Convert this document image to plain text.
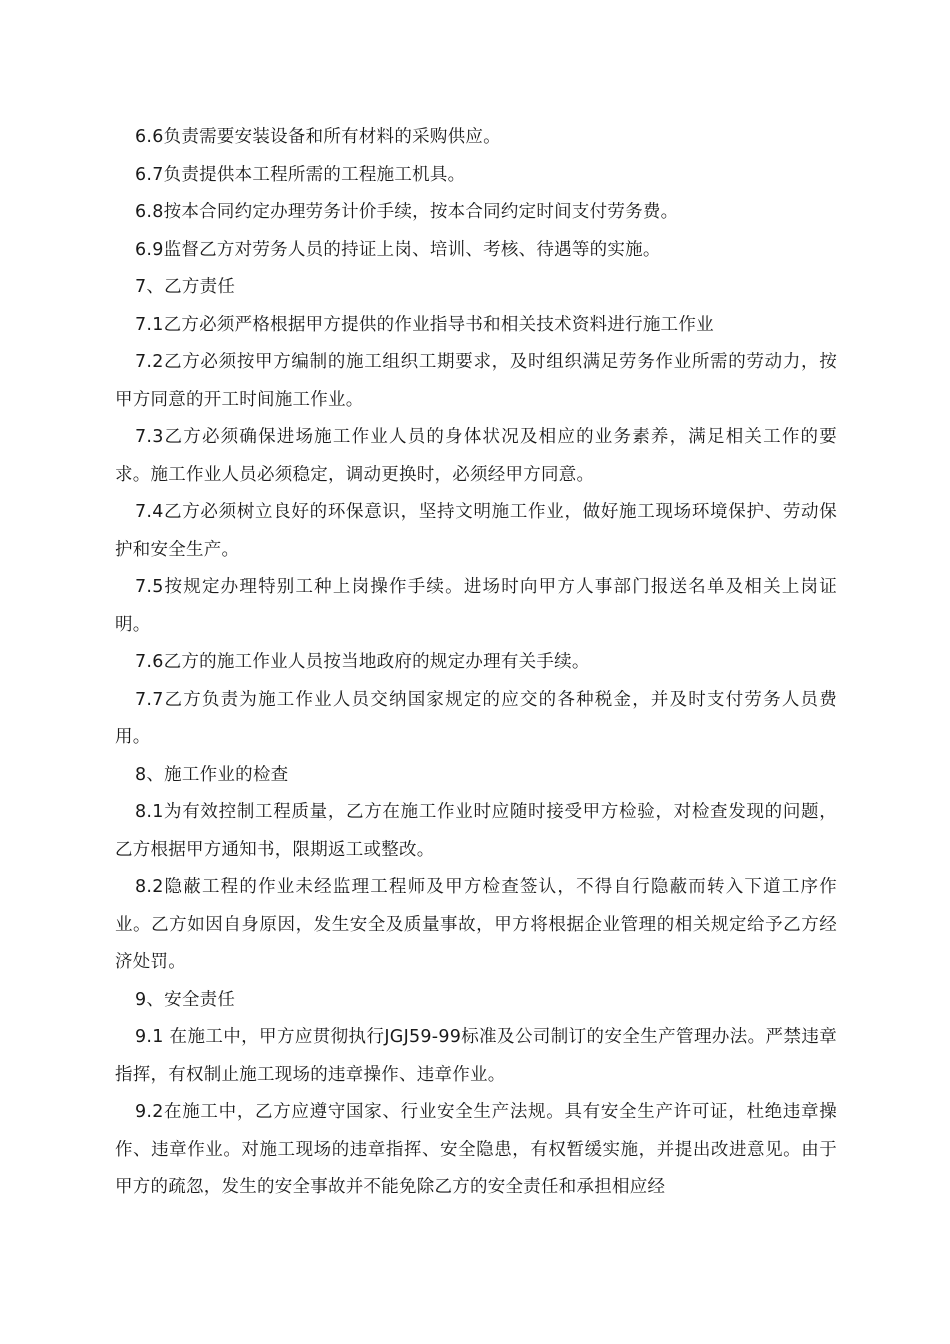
6.6负责需要安装设备和所有材料的采购供应。

6.7负责提供本工程所需的工程施工机具。

6.8按本合同约定办理劳务计价手续，按本合同约定时间支付劳务费。

6.9监督乙方对劳务人员的持证上岗、培训、考核、待遇等的实施。

7、乙方责任

7.1乙方必须严格根据甲方提供的作业指导书和相关技术资料进行施工作业

7.2乙方必须按甲方编制的施工组织工期要求，及时组织满足劳务作业所需的劳动力，按甲方同意的开工时间施工作业。

7.3乙方必须确保进场施工作业人员的身体状况及相应的业务素养，满足相关工作的要求。施工作业人员必须稳定，调动更换时，必须经甲方同意。

7.4乙方必须树立良好的环保意识，坚持文明施工作业，做好施工现场环境保护、劳动保护和安全生产。

7.5按规定办理特别工种上岗操作手续。进场时向甲方人事部门报送名单及相关上岗证明。

7.6乙方的施工作业人员按当地政府的规定办理有关手续。

7.7乙方负责为施工作业人员交纳国家规定的应交的各种税金，并及时支付劳务人员费用。

8、施工作业的检查

8.1为有效控制工程质量，乙方在施工作业时应随时接受甲方检验，对检查发现的问题，乙方根据甲方通知书，限期返工或整改。

8.2隐蔽工程的作业未经监理工程师及甲方检查签认，不得自行隐蔽而转入下道工序作业。乙方如因自身原因，发生安全及质量事故，甲方将根据企业管理的相关规定给予乙方经济处罚。

9、安全责任

9.1 在施工中，甲方应贯彻执行JGJ59-99标准及公司制订的安全生产管理办法。严禁违章指挥，有权制止施工现场的违章操作、违章作业。

9.2在施工中，乙方应遵守国家、行业安全生产法规。具有安全生产许可证，杜绝违章操作、违章作业。对施工现场的违章指挥、安全隐患，有权暂缓实施，并提出改进意见。由于甲方的疏忽，发生的安全事故并不能免除乙方的安全责任和承担相应经
